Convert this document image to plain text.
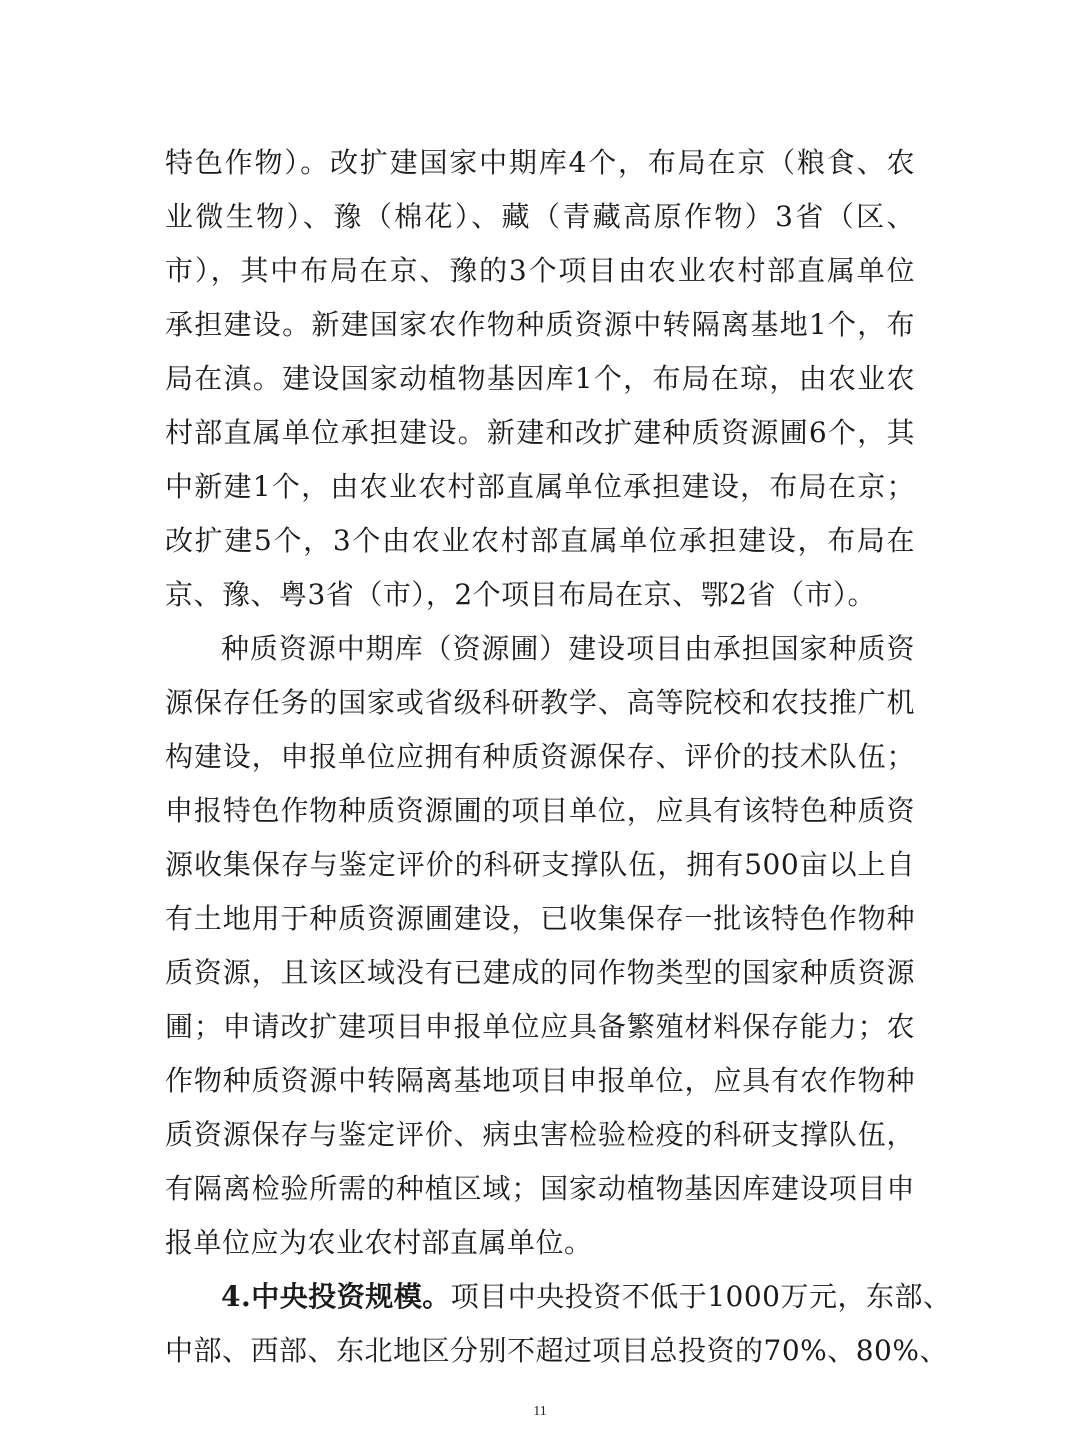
特色作物）。改扩建国家中期库4个，布局在京（粮食、农
业微生物）、豫（棉花）、藏（青藏高原作物）3省（区、
市），其中布局在京、豫的3个项目由农业农村部直属单位
承担建设。新建国家农作物种质资源中转隔离基地1个，布
局在滇。建设国家动植物基因库1个，布局在琼，由农业农
村部直属单位承担建设。新建和改扩建种质资源圃6个，其
中新建1个，由农业农村部直属单位承担建设，布局在京；
改扩建5个，3个由农业农村部直属单位承担建设，布局在
京、豫、粤3省（市），2个项目布局在京、鄂2省（市）。
种质资源中期库（资源圃）建设项目由承担国家种质资
源保存任务的国家或省级科研教学、高等院校和农技推广机
构建设，申报单位应拥有种质资源保存、评价的技术队伍；
申报特色作物种质资源圃的项目单位，应具有该特色种质资
源收集保存与鉴定评价的科研支撑队伍，拥有500亩以上自
有土地用于种质资源圃建设，已收集保存一批该特色作物种
质资源，且该区域没有已建成的同作物类型的国家种质资源
圃；申请改扩建项目申报单位应具备繁殖材料保存能力；农
作物种质资源中转隔离基地项目申报单位，应具有农作物种
质资源保存与鉴定评价、病虫害检验检疫的科研支撑队伍，
有隔离检验所需的种植区域；国家动植物基因库建设项目申
报单位应为农业农村部直属单位。
4.中央投资规模。项目中央投资不低于1000万元，东部、
中部、西部、东北地区分别不超过项目总投资的70%、80%、
11
